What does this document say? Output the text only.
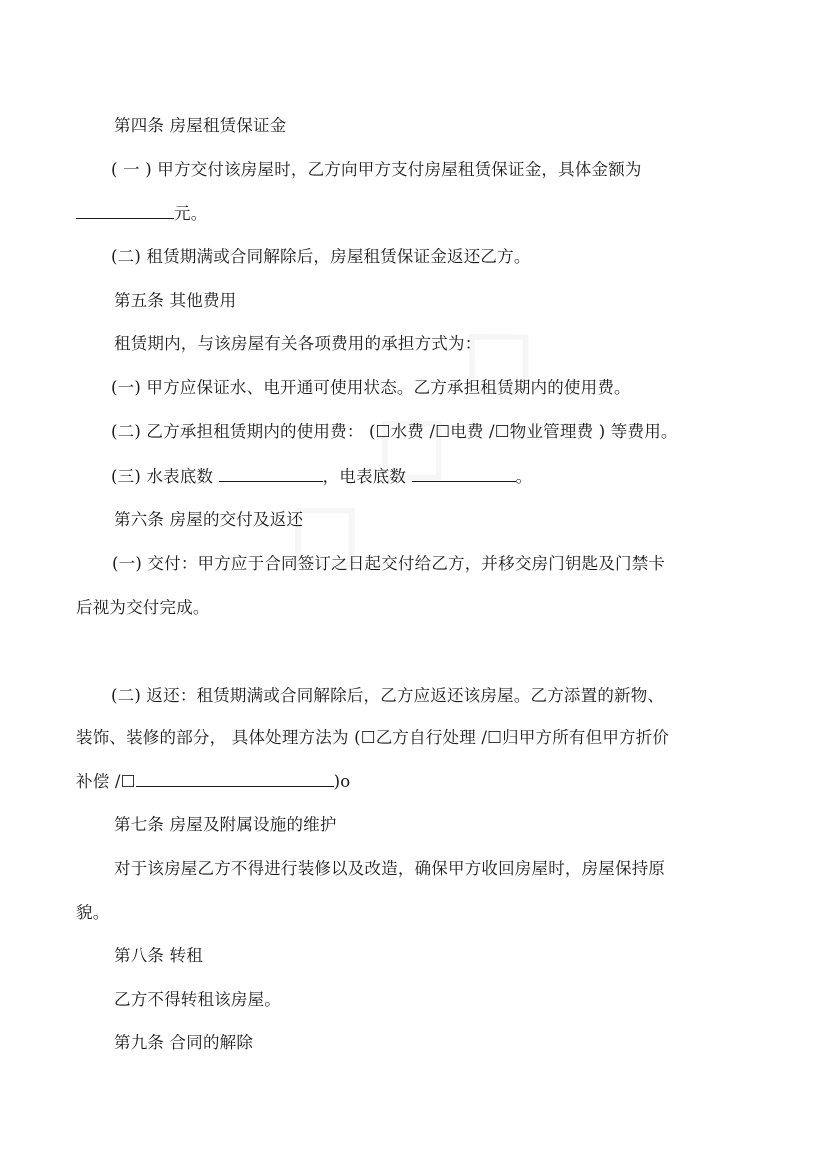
第四条 房屋租赁保证金
( 一 ) 甲方交付该房屋时，乙方向甲方支付房屋租赁保证金，具体金额为
元。
(二) 租赁期满或合同解除后，房屋租赁保证金返还乙方。
第五条 其他费用
租赁期内，与该房屋有关各项费用的承担方式为：
(一) 甲方应保证水、电开通可使用状态。乙方承担租赁期内的使用费。
(二) 乙方承担租赁期内的使用费： (☐水费 /☐电费 /☐物业管理费 ) 等费用。
(三) 水表底数	，电表底数	。
第六条 房屋的交付及返还
(一) 交付：甲方应于合同签订之日起交付给乙方，并移交房门钥匙及门禁卡
后视为交付完成。
(二) 返还：租赁期满或合同解除后，乙方应返还该房屋。乙方添置的新物、
装饰、装修的部分， 具体处理方法为 (☐乙方自行处理 /☐归甲方所有但甲方折价
补偿 /☐	)o
第七条 房屋及附属设施的维护
对于该房屋乙方不得进行装修以及改造，确保甲方收回房屋时，房屋保持原
貌。
第八条 转租
乙方不得转租该房屋。
第九条 合同的解除
